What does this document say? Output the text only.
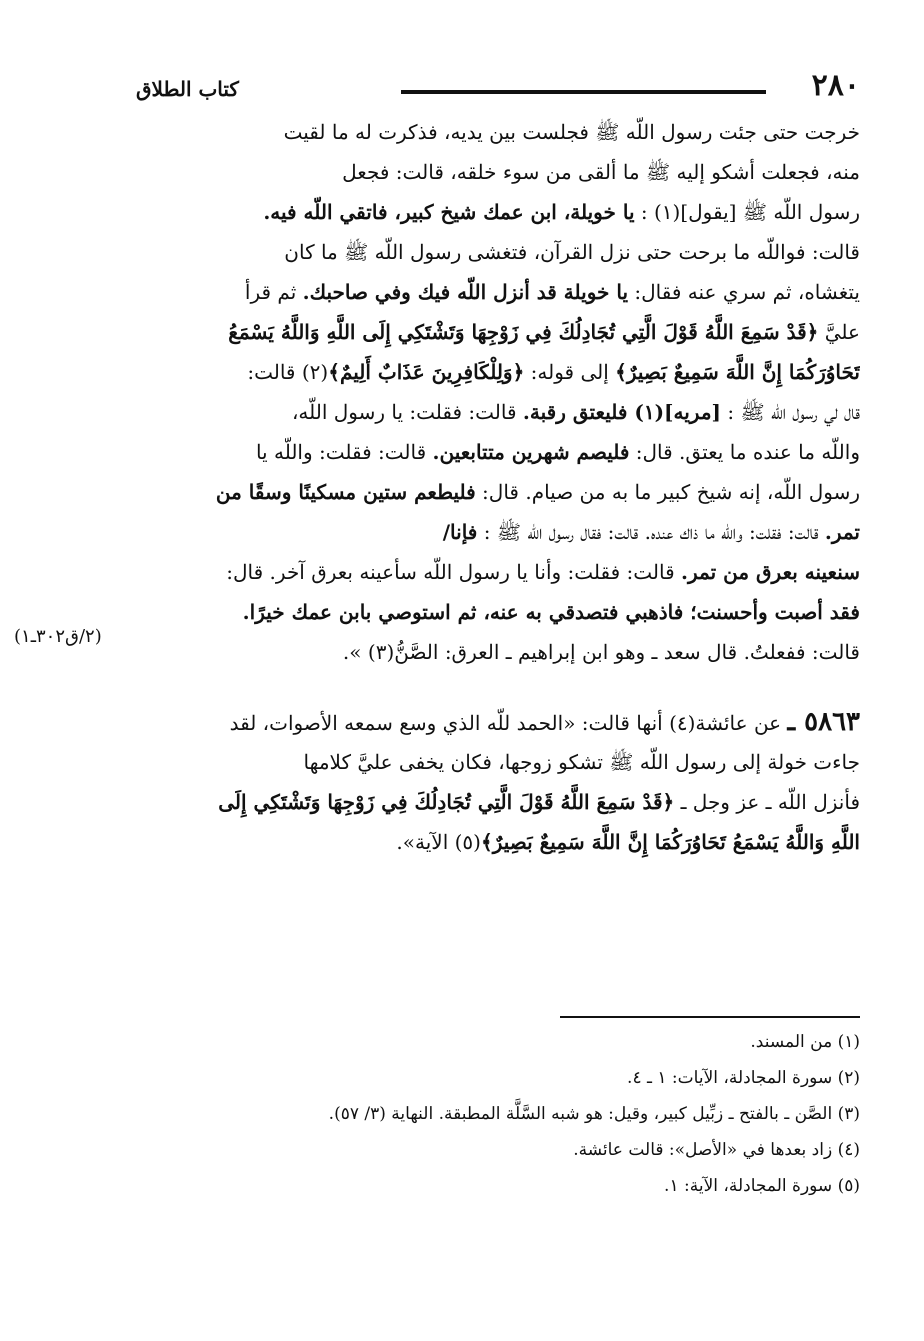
٢٨٠
كتاب الطلاق
خرجت حتى جئت رسول اللّه ﷺ فجلست بين يديه، فذكرت له ما لقيت
منه، فجعلت أشكو إليه ﷺ ما ألقى من سوء خلقه، قالت: فجعل
رسول اللّه ﷺ [يقول](١) : يا خويلة، ابن عمك شيخ كبير، فاتقي اللّه فيه.
قالت: فواللّه ما برحت حتى نزل القرآن، فتغشى رسول اللّه ﷺ ما كان
يتغشاه، ثم سري عنه فقال: يا خويلة قد أنزل اللّه فيك وفي صاحبك. ثم قرأ
عليَّ ﴿قَدْ سَمِعَ اللَّهُ قَوْلَ الَّتِي تُجَادِلُكَ فِي زَوْجِهَا وَتَشْتَكِي إِلَى اللَّهِ وَاللَّهُ يَسْمَعُ
تَحَاوُرَكُمَا إِنَّ اللَّهَ سَمِيعٌ بَصِيرٌ﴾ إلى قوله: ﴿وَلِلْكَافِرِينَ عَذَابٌ أَلِيمٌ﴾(٢) قالت:
قال لي رسول اللّه ﷺ : [مريه](١) فليعتق رقبة. قالت: فقلت: يا رسول اللّه،
واللّه ما عنده ما يعتق. قال: فليصم شهرين متتابعين. قالت: فقلت: واللّه يا
رسول اللّه، إنه شيخ كبير ما به من صيام. قال: فليطعم ستين مسكينًا وسقًا من
تمر. قالت: فقلت: واللّه ما ذاك عنده. قالت: فقال رسول اللّه ﷺ : فإنا/
سنعينه بعرق من تمر. قالت: فقلت: وأنا يا رسول اللّه سأعينه بعرق آخر. قال:
فقد أصبت وأحسنت؛ فاذهبي فتصدقي به عنه، ثم استوصي بابن عمك خيرًا.
قالت: ففعلتُ. قال سعد ـ وهو ابن إبراهيم ـ العرق: الصَّنُّ(٣) ».
٥٨٦٣ ـ عن عائشة(٤) أنها قالت: «الحمد للّه الذي وسع سمعه الأصوات، لقد
جاءت خولة إلى رسول اللّه ﷺ تشكو زوجها، فكان يخفى عليَّ كلامها
فأنزل اللّه ـ عز وجل ـ ﴿قَدْ سَمِعَ اللَّهُ قَوْلَ الَّتِي تُجَادِلُكَ فِي زَوْجِهَا وَتَشْتَكِي إِلَى
اللَّهِ وَاللَّهُ يَسْمَعُ تَحَاوُرَكُمَا إِنَّ اللَّهَ سَمِيعٌ بَصِيرٌ﴾(٥) الآية».
(٢/ق٣٠٢ـ١)
(١) من المسند.
(٢) سورة المجادلة، الآيات: ١ ـ ٤.
(٣) الصَّن ـ بالفتح ـ زبِّيل كبير، وقيل: هو شبه السَّلَّة المطبقة. النهاية (٣/ ٥٧).
(٤) زاد بعدها في «الأصل»: قالت عائشة.
(٥) سورة المجادلة، الآية: ١.
